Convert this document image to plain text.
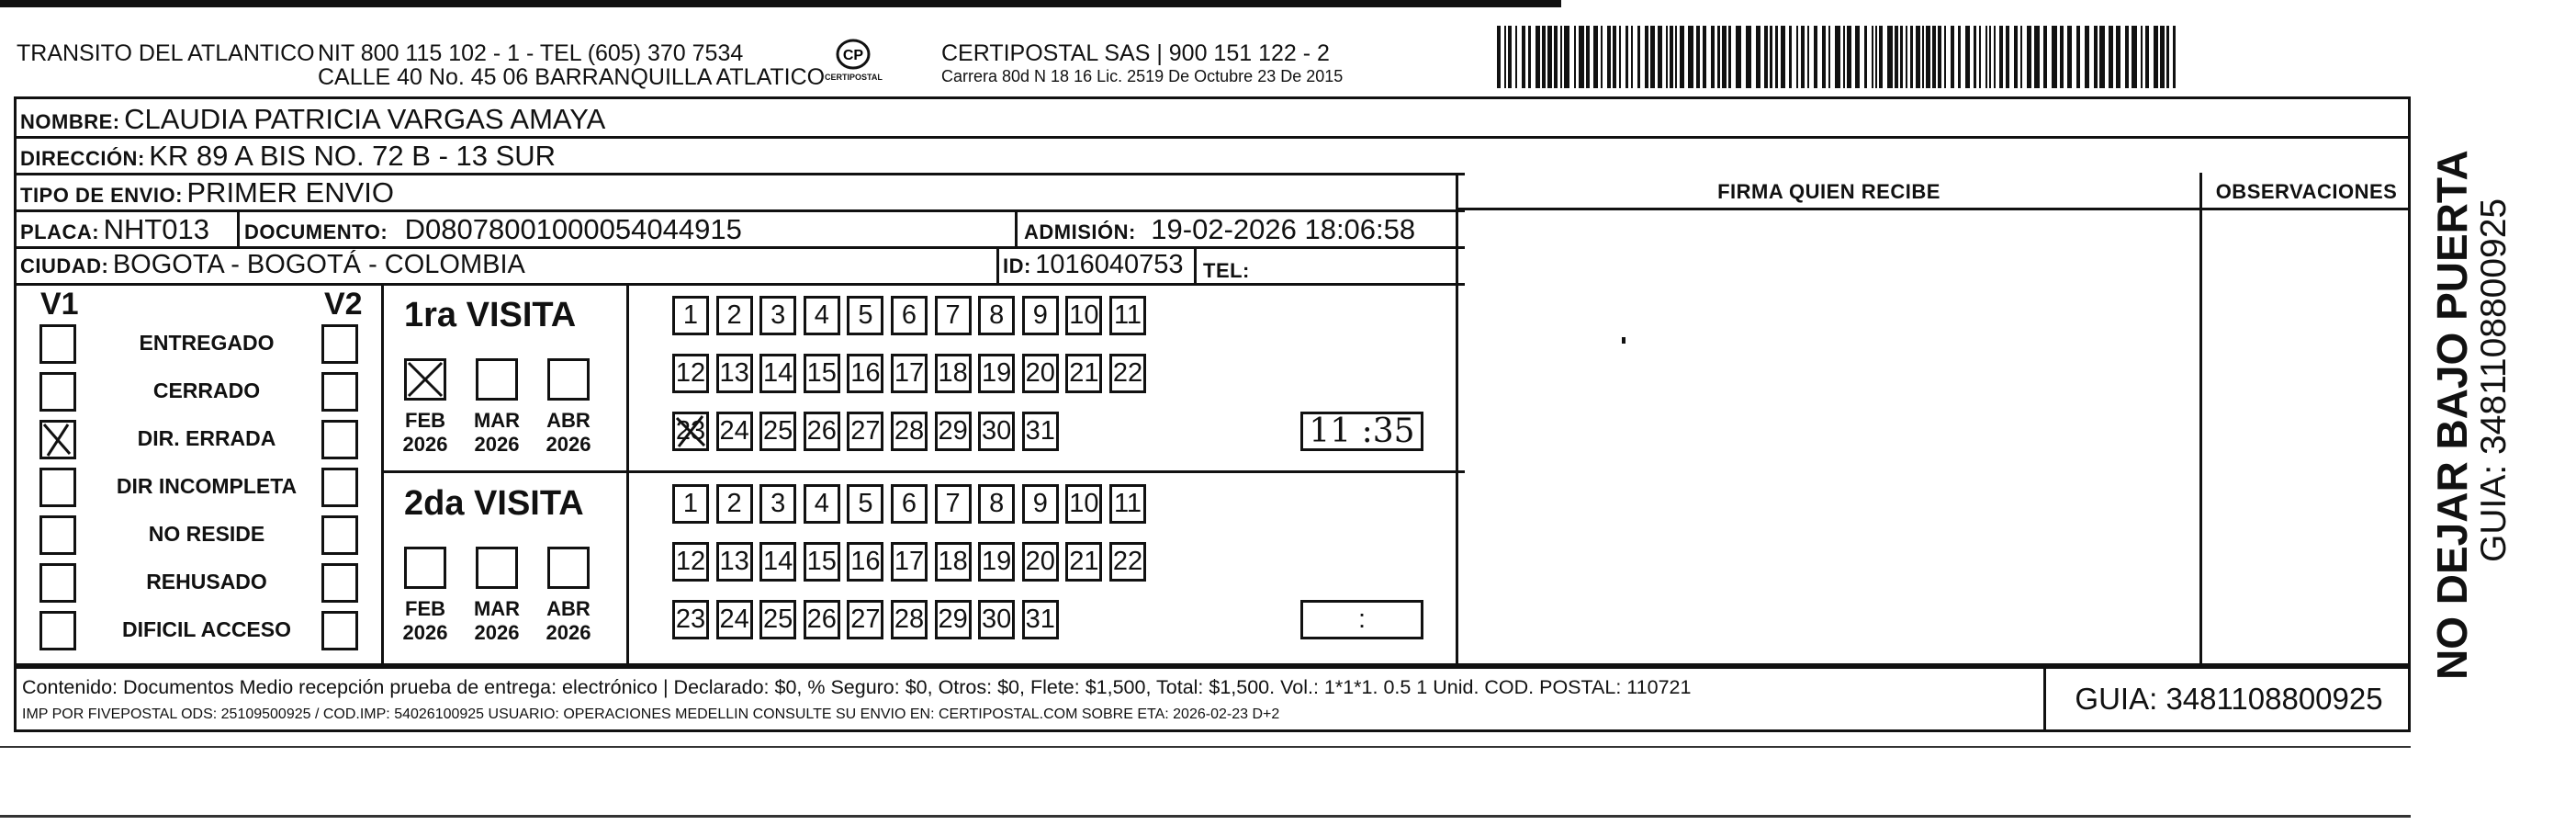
TRANSITO DEL ATLANTICO NIT 800 115 102 - 1 - TEL (605) 370 7534
CALLE 40 No. 45 06 BARRANQUILLA ATLATICO
CP
CERTIPOSTAL
CERTIPOSTAL SAS | 900 151 122 - 2
Carrera 80d N 18 16 Lic. 2519 De Octubre 23 De 2015
NOMBRE: CLAUDIA PATRICIA VARGAS AMAYA
DIRECCIÓN: KR 89 A BIS NO. 72 B - 13 SUR
TIPO DE ENVIO: PRIMER ENVIO
PLACA: NHT013 DOCUMENTO: D08078001000054044915	ADMISIÓN: 19-02-2026 18:06:58
CIUDAD: BOGOTA - BOGOTÁ - COLOMBIA	ID: 1016040753 TEL:
FIRMA QUIEN RECIBE	OBSERVACIONES
V1	V2
ENTREGADO
CERRADO
DIR. ERRADA
DIR INCOMPLETA
NO RESIDE
REHUSADO
DIFICIL ACCESO
1ra VISITA
FEB
2026
MAR
2026
ABR
2026
1	2	3	4	5	6	7	8	9 10 11
12 13 14 15 16 17 18 19 20 21 22
23 24 25 26 27 28 29 30 31	11 :35
2da VISITA
FEB
2026
MAR
2026
ABR
2026
1	2	3	4	5	6	7	8	9 10 11
12 13 14 15 16 17 18 19 20 21 22
23 24 25 26 27 28 29 30 31	:
Contenido: Documentos Medio recepción prueba de entrega: electrónico | Declarado: $0, % Seguro: $0, Otros: $0, Flete: $1,500, Total: $1,500. Vol.: 1*1*1. 0.5 1 Unid. COD. POSTAL: 110721
IMP POR FIVEPOSTAL ODS: 25109500925 / COD.IMP: 54026100925 USUARIO: OPERACIONES MEDELLIN CONSULTE SU ENVIO EN: CERTIPOSTAL.COM SOBRE ETA: 2026-02-23 D+2	GUIA: 3481108800925
NO DEJAR BAJO PUERTA
GUIA: 3481108800925
